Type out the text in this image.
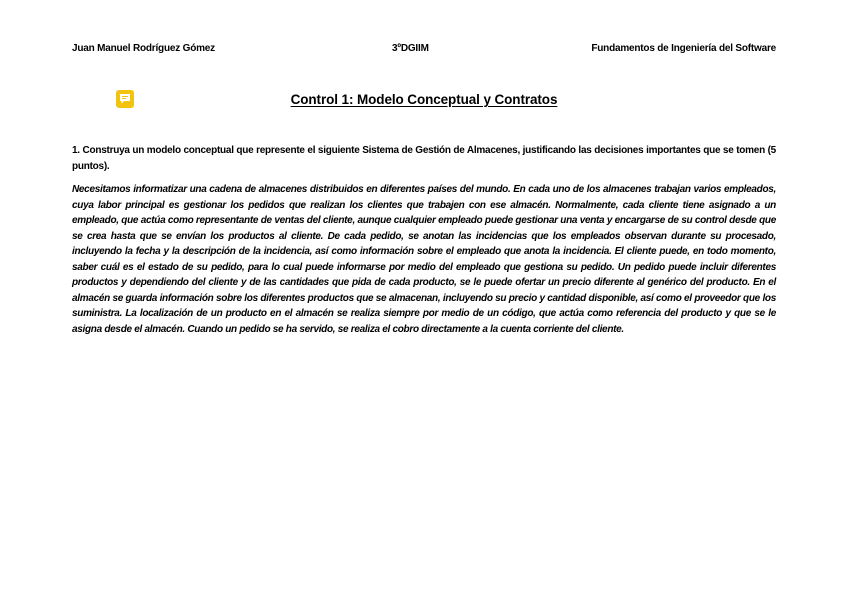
Juan Manuel Rodríguez Gómez	3ºDGIIM	Fundamentos de Ingeniería del Software
Control 1: Modelo Conceptual y Contratos

1. Construya un modelo conceptual que represente el siguiente Sistema de Gestión de Almacenes, justificando las decisiones importantes que se tomen (5 puntos).

Necesitamos informatizar una cadena de almacenes distribuidos en diferentes países del mundo. En cada uno de los almacenes trabajan varios empleados, cuya labor principal es gestionar los pedidos que realizan los clientes que trabajen con ese almacén. Normalmente, cada cliente tiene asignado a un empleado, que actúa como representante de ventas del cliente, aunque cualquier empleado puede gestionar una venta y encargarse de su control desde que se crea hasta que se envían los productos al cliente. De cada pedido, se anotan las incidencias que los empleados observan durante su procesado, incluyendo la fecha y la descripción de la incidencia, así como información sobre el empleado que anota la incidencia. El cliente puede, en todo momento, saber cuál es el estado de su pedido, para lo cual puede informarse por medio del empleado que gestiona su pedido. Un pedido puede incluir diferentes productos y dependiendo del cliente y de las cantidades que pida de cada producto, se le puede ofertar un precio diferente al genérico del producto. En el almacén se guarda información sobre los diferentes productos que se almacenan, incluyendo su precio y cantidad disponible, así como el proveedor que los suministra. La localización de un producto en el almacén se realiza siempre por medio de un código, que actúa como referencia del producto y que se le asigna desde el almacén. Cuando un pedido se ha servido, se realiza el cobro directamente a la cuenta corriente del cliente.
